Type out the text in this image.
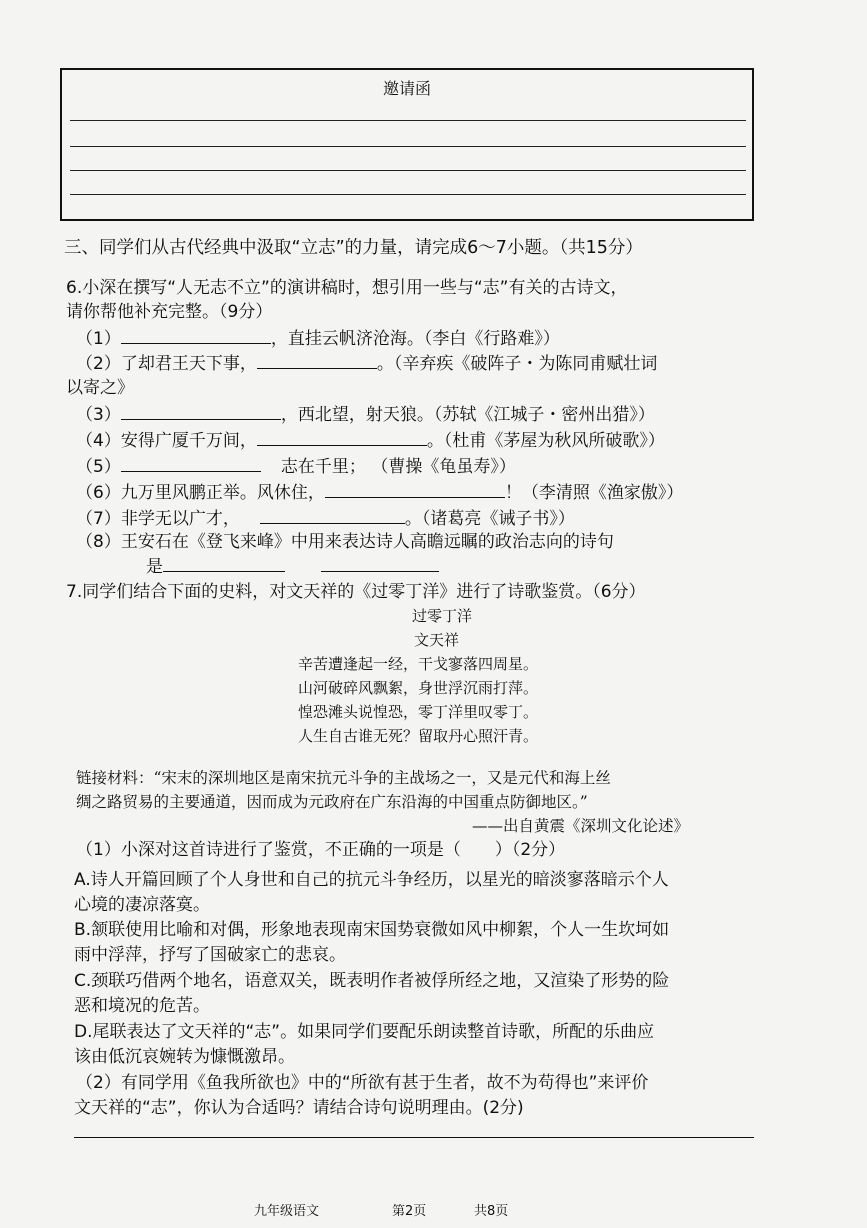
邀请函
三、同学们从古代经典中汲取“立志”的力量，请完成6～7小题。（共15分）
6.小深在撰写“人无志不立”的演讲稿时，想引用一些与“志”有关的古诗文，
请你帮他补充完整。（9分）
（1）	，直挂云帆济沧海。（李白《行路难》）
（2）了却君王天下事，	。（辛弃疾《破阵子・为陈同甫赋壮词
以寄之》
（3）	，西北望，射天狼。（苏轼《江城子・密州出猎》）
（4）安得广厦千万间，	。（杜甫《茅屋为秋风所破歌》）
（5）	志在千里； （曹操《龟虽寿》）
（6）九万里风鹏正举。风休住，	！（李清照《渔家傲》）
（7）非学无以广才，	。（诸葛亮《诫子书》）
（8）王安石在《登飞来峰》中用来表达诗人高瞻远瞩的政治志向的诗句
是
7.同学们结合下面的史料，对文天祥的《过零丁洋》进行了诗歌鉴赏。（6分）
过零丁洋
文天祥
辛苦遭逢起一经，干戈寥落四周星。
山河破碎风飘絮，身世浮沉雨打萍。
惶恐滩头说惶恐，零丁洋里叹零丁。
人生自古谁无死？留取丹心照汗青。
链接材料：“宋末的深圳地区是南宋抗元斗争的主战场之一，又是元代和海上丝
绸之路贸易的主要通道，因而成为元政府在广东沿海的中国重点防御地区。”
——出自黄震《深圳文化论述》
（1）小深对这首诗进行了鉴赏，不正确的一项是（　　）（2分）
A.诗人开篇回顾了个人身世和自己的抗元斗争经历，以星光的暗淡寥落暗示个人
心境的凄凉落寞。
B.颔联使用比喻和对偶，形象地表现南宋国势衰微如风中柳絮，个人一生坎坷如
雨中浮萍，抒写了国破家亡的悲哀。
C.颈联巧借两个地名，语意双关，既表明作者被俘所经之地，又渲染了形势的险
恶和境况的危苦。
D.尾联表达了文天祥的“志”。如果同学们要配乐朗读整首诗歌，所配的乐曲应
该由低沉哀婉转为慷慨激昂。
（2）有同学用《鱼我所欲也》中的“所欲有甚于生者，故不为苟得也”来评价
文天祥的“志”，你认为合适吗？请结合诗句说明理由。(2分)
九年级语文	第2页	共8页
